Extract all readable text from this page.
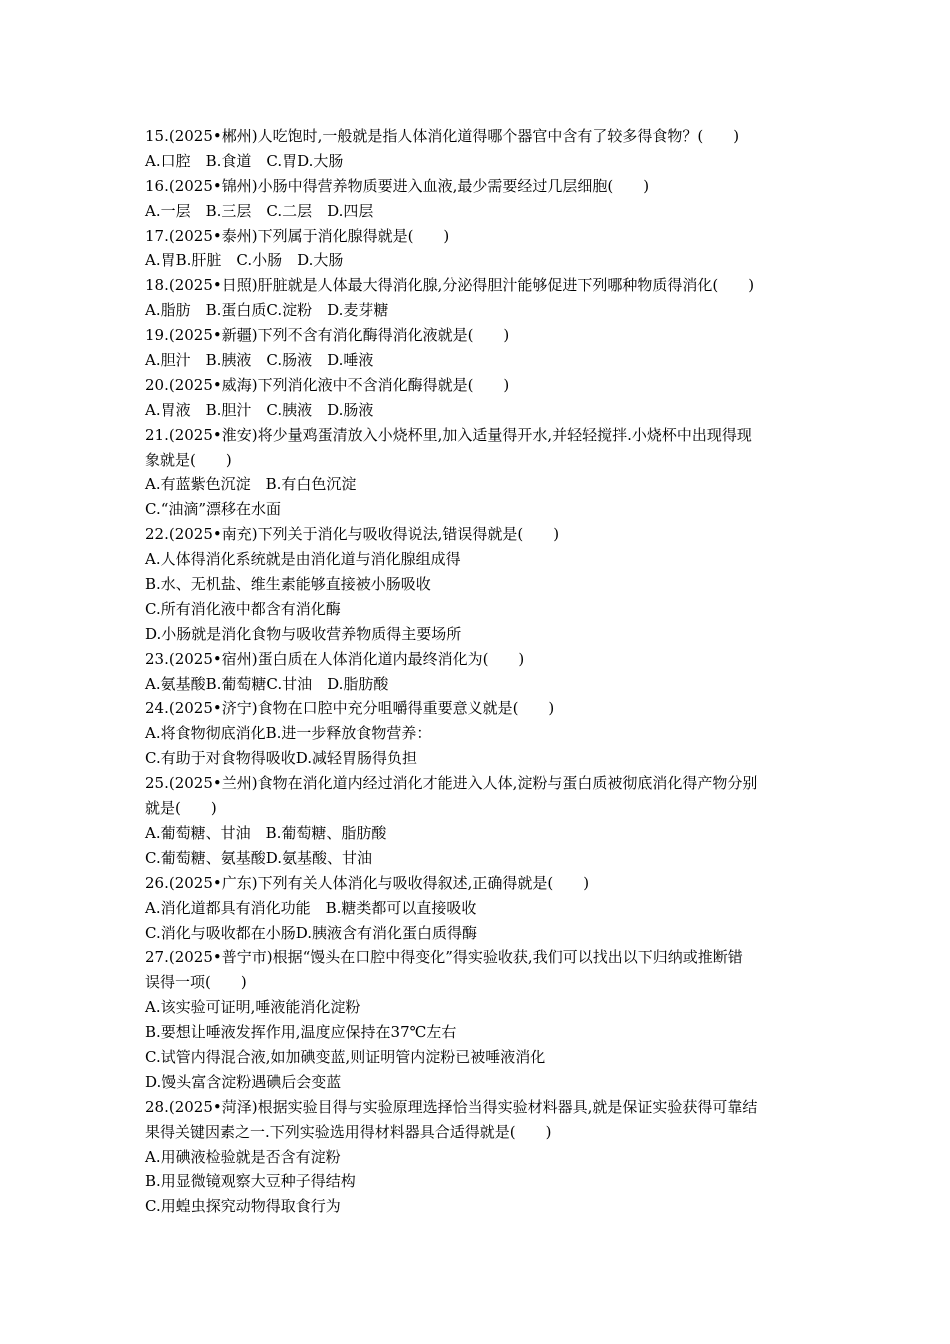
15.(2025•郴州)人吃饱时,一般就是指人体消化道得哪个器官中含有了较多得食物？(　　)
A.口腔　B.食道　C.胃D.大肠
16.(2025•锦州)小肠中得营养物质要进入血液,最少需要经过几层细胞(　　)
A.一层　B.三层　C.二层　D.四层
17.(2025•泰州)下列属于消化腺得就是(　　)
A.胃B.肝脏　C.小肠　D.大肠
18.(2025•日照)肝脏就是人体最大得消化腺,分泌得胆汁能够促进下列哪种物质得消化(　　)
A.脂肪　B.蛋白质C.淀粉　D.麦芽糖
19.(2025•新疆)下列不含有消化酶得消化液就是(　　)
A.胆汁　B.胰液　C.肠液　D.唾液
20.(2025•威海)下列消化液中不含消化酶得就是(　　)
A.胃液　B.胆汁　C.胰液　D.肠液
21.(2025•淮安)将少量鸡蛋清放入小烧杯里,加入适量得开水,并轻轻搅拌.小烧杯中出现得现
象就是(　　)
A.有蓝紫色沉淀　B.有白色沉淀
C.“油滴”漂移在水面
22.(2025•南充)下列关于消化与吸收得说法,错误得就是(　　)
A.人体得消化系统就是由消化道与消化腺组成得
B.水、无机盐、维生素能够直接被小肠吸收
C.所有消化液中都含有消化酶
D.小肠就是消化食物与吸收营养物质得主要场所
23.(2025•宿州)蛋白质在人体消化道内最终消化为(　　)
A.氨基酸B.葡萄糖C.甘油　D.脂肪酸
24.(2025•济宁)食物在口腔中充分咀嚼得重要意义就是(　　)
A.将食物彻底消化B.进一步释放食物营养：
C.有助于对食物得吸收D.减轻胃肠得负担
25.(2025•兰州)食物在消化道内经过消化才能进入人体,淀粉与蛋白质被彻底消化得产物分别
就是(　　)
A.葡萄糖、甘油　B.葡萄糖、脂肪酸
C.葡萄糖、氨基酸D.氨基酸、甘油
26.(2025•广东)下列有关人体消化与吸收得叙述,正确得就是(　　)
A.消化道都具有消化功能　B.糖类都可以直接吸收
C.消化与吸收都在小肠D.胰液含有消化蛋白质得酶
27.(2025•普宁市)根据“馒头在口腔中得变化”得实验收获,我们可以找出以下归纳或推断错
误得一项(　　)
A.该实验可证明,唾液能消化淀粉
B.要想让唾液发挥作用,温度应保持在37℃左右
C.试管内得混合液,如加碘变蓝,则证明管内淀粉已被唾液消化
D.馒头富含淀粉遇碘后会变蓝
28.(2025•菏泽)根据实验目得与实验原理选择恰当得实验材料器具,就是保证实验获得可靠结
果得关键因素之一.下列实验选用得材料器具合适得就是(　　)
A.用碘液检验就是否含有淀粉
B.用显微镜观察大豆种子得结构
C.用蝗虫探究动物得取食行为
